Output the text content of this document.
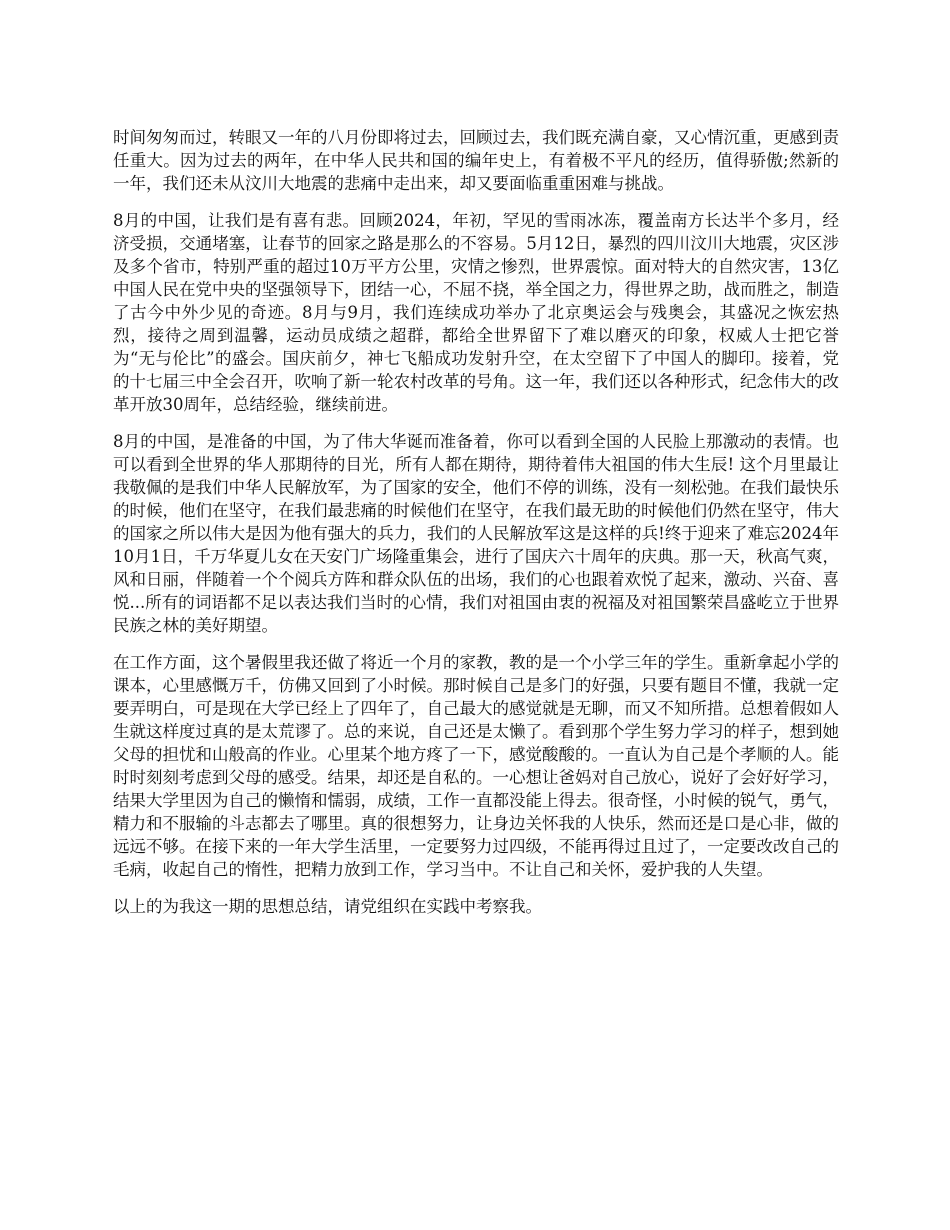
时间匆匆而过，转眼又一年的八月份即将过去，回顾过去，我们既充满自豪，又心情沉重，更感到责任重大。因为过去的两年，在中华人民共和国的编年史上，有着极不平凡的经历，值得骄傲;然新的一年，我们还未从汶川大地震的悲痛中走出来，却又要面临重重困难与挑战。

8月的中国，让我们是有喜有悲。回顾2024，年初，罕见的雪雨冰冻，覆盖南方长达半个多月，经济受损，交通堵塞，让春节的回家之路是那么的不容易。5月12日，暴烈的四川汶川大地震，灾区涉及多个省市，特别严重的超过10万平方公里，灾情之惨烈，世界震惊。面对特大的自然灾害，13亿中国人民在党中央的坚强领导下，团结一心，不屈不挠，举全国之力，得世界之助，战而胜之，制造了古今中外少见的奇迹。8月与9月，我们连续成功举办了北京奥运会与残奥会，其盛况之恢宏热烈，接待之周到温馨，运动员成绩之超群，都给全世界留下了难以磨灭的印象，权威人士把它誉为“无与伦比”的盛会。国庆前夕，神七飞船成功发射升空，在太空留下了中国人的脚印。接着，党的十七届三中全会召开，吹响了新一轮农村改革的号角。这一年，我们还以各种形式，纪念伟大的改革开放30周年，总结经验，继续前进。

8月的中国，是准备的中国，为了伟大华诞而准备着，你可以看到全国的人民脸上那激动的表情。也可以看到全世界的华人那期待的目光，所有人都在期待，期待着伟大祖国的伟大生辰! 这个月里最让我敬佩的是我们中华人民解放军，为了国家的安全，他们不停的训练，没有一刻松弛。在我们最快乐的时候，他们在坚守，在我们最悲痛的时候他们在坚守，在我们最无助的时候他们仍然在坚守，伟大的国家之所以伟大是因为他有强大的兵力，我们的人民解放军这是这样的兵!终于迎来了难忘2024年10月1日，千万华夏儿女在天安门广场隆重集会，进行了国庆六十周年的庆典。那一天，秋高气爽，风和日丽，伴随着一个个阅兵方阵和群众队伍的出场，我们的心也跟着欢悦了起来，激动、兴奋、喜悦...所有的词语都不足以表达我们当时的心情，我们对祖国由衷的祝福及对祖国繁荣昌盛屹立于世界民族之林的美好期望。

在工作方面，这个暑假里我还做了将近一个月的家教，教的是一个小学三年的学生。重新拿起小学的课本，心里感慨万千，仿佛又回到了小时候。那时候自己是多门的好强，只要有题目不懂，我就一定要弄明白，可是现在大学已经上了四年了，自己最大的感觉就是无聊，而又不知所措。总想着假如人生就这样度过真的是太荒谬了。总的来说，自己还是太懒了。看到那个学生努力学习的样子，想到她父母的担忧和山般高的作业。心里某个地方疼了一下，感觉酸酸的。一直认为自己是个孝顺的人。能时时刻刻考虑到父母的感受。结果，却还是自私的。一心想让爸妈对自己放心，说好了会好好学习，结果大学里因为自己的懒惰和懦弱，成绩，工作一直都没能上得去。很奇怪，小时候的锐气，勇气，精力和不服输的斗志都去了哪里。真的很想努力，让身边关怀我的人快乐，然而还是口是心非，做的远远不够。在接下来的一年大学生活里，一定要努力过四级，不能再得过且过了，一定要改改自己的毛病，收起自己的惰性，把精力放到工作，学习当中。不让自己和关怀，爱护我的人失望。

以上的为我这一期的思想总结，请党组织在实践中考察我。
